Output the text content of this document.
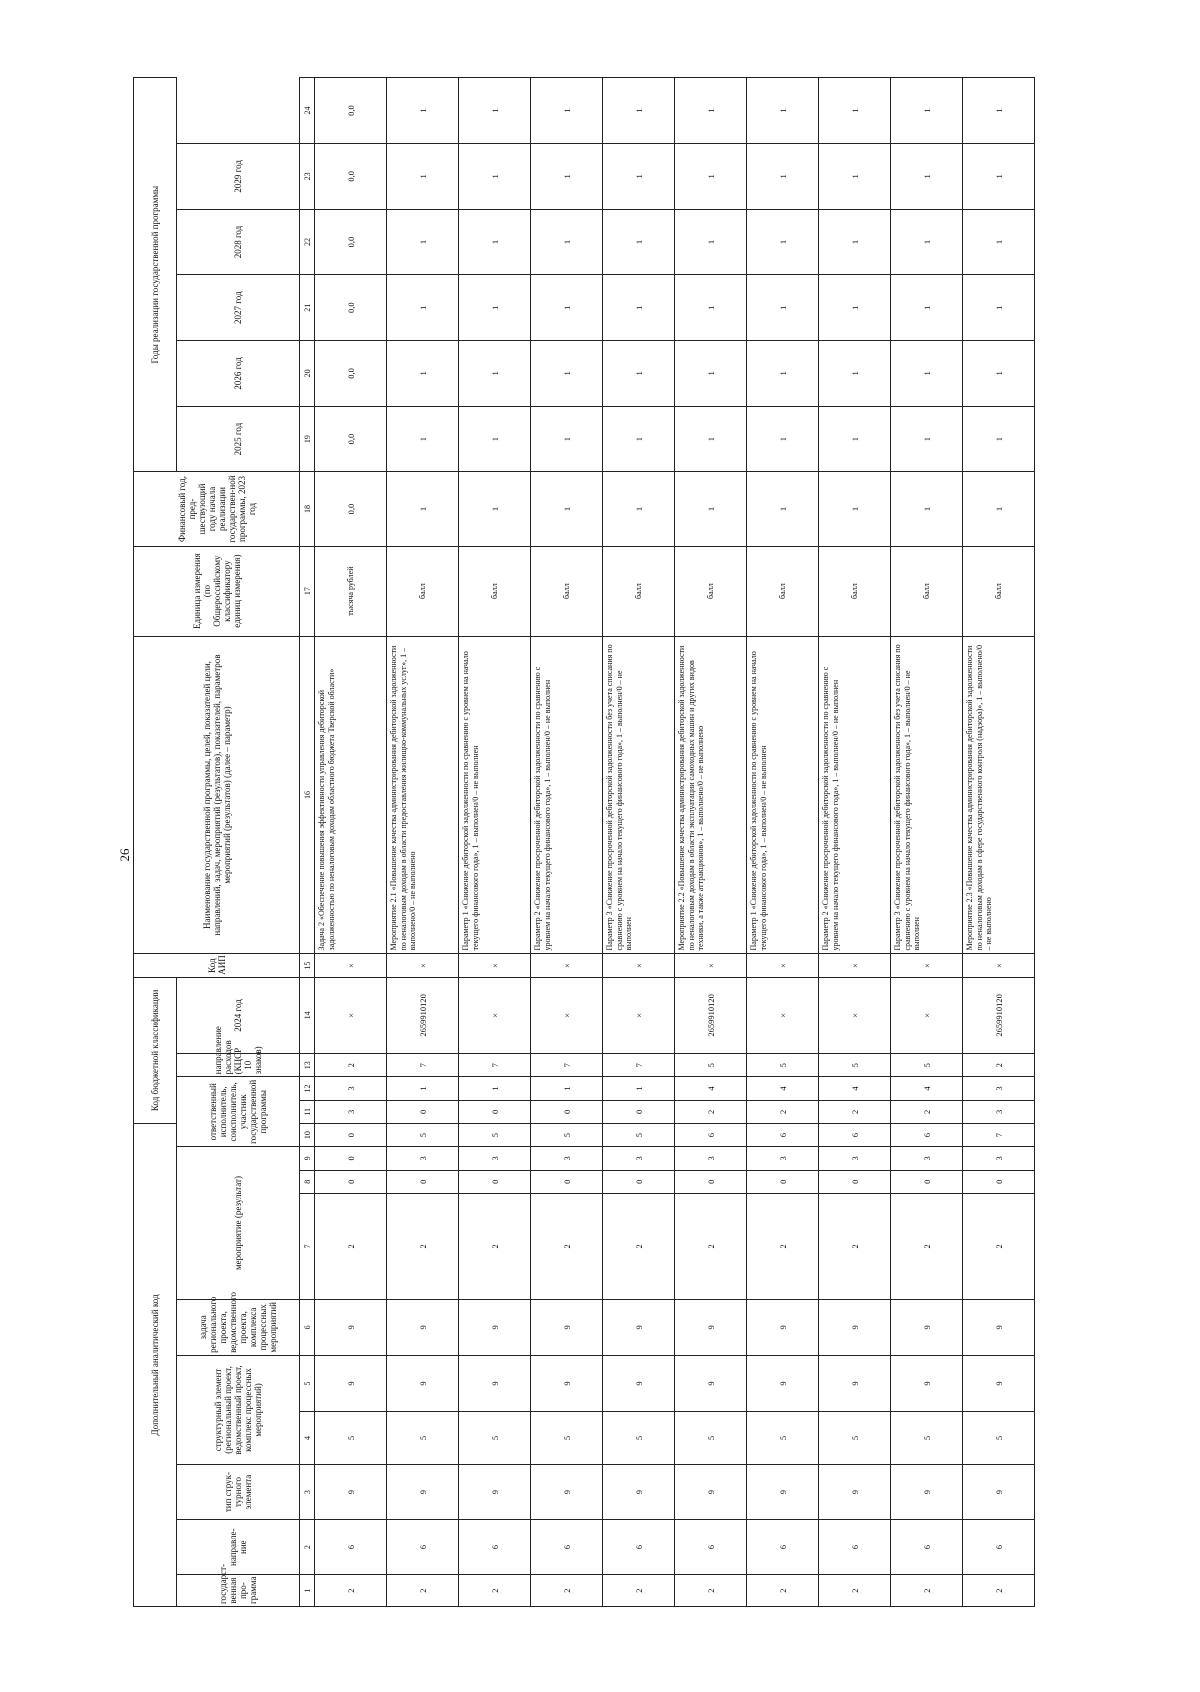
26
Дополнительный аналитический код										Код бюджетной классификации				Код АИП	Наименование государственной программы, целей, показателей цели, направлений, задач, мероприятий (результатов), показателей, параметров мероприятий (результатов) (далее – параметр)	Единица измерения (по Общероссийскому классификатору единиц измерения)	Финансовый год, пред-шествующий году начала реализации государствен-ной программы, 2023 год	Годы реализации государственной программы					
государст-венная про-грамма	направле-ние	тип струк-турного элемента	структурный элемент (региональный проект, ведомственный проект, комплекс процессных мероприятий)		задача регионального проекта, ведомственного проекта, комплекса процессных мероприятий	мероприятие (результат)			ответственный исполнитель, соисполнитель, участник государственной программы			направление расходов (КЦСР 10 знаков)	2024 год					2025 год	2026 год	2027 год	2028 год	2029 год	

1	2	3	4	5	6	7	8	9	10	11	12	13	14	15	16	17	18	19	20	21	22	23	24
2	6	9	5	9	9	2	0	0	0	3	3	2	×	×	Задача 2 «Обеспечение повышения эффективности управления дебиторской задолженностью по неналоговым доходам областного бюджета Тверской области»	тысяча рублей	0,0	0,0	0,0	0,0	0,0	0,0	0,0
2	6	9	5	9	9	2	0	3	5	0	1	7	2659910120	×	Мероприятие 2.1 «Повышение качества администрирования дебиторской задолженности по неналоговым доходам в области предоставления жилищно-коммунальных услуг», 1 – выполнено/0 – не выполнено	балл	1	1	1	1	1	1	1
2	6	9	5	9	9	2	0	3	5	0	1	7	×	×	Параметр 1 «Снижение дебиторской задолженности по сравнению с уровнем на начало текущего финансового года», 1 – выполнен/0 – не выполнен	балл	1	1	1	1	1	1	1
2	6	9	5	9	9	2	0	3	5	0	1	7	×	×	Параметр 2 «Снижение просроченной дебиторской задолженности по сравнению с уровнем на начало текущего финансового года», 1 – выполнен/0 – не выполнен	балл	1	1	1	1	1	1	1
2	6	9	5	9	9	2	0	3	5	0	1	7	×	×	Параметр 3 «Снижение просроченной дебиторской задолженности без учета списания по сравнению с уровнем на начало текущего финансового года», 1 – выполнен/0 – не выполнен	балл	1	1	1	1	1	1	1
2	6	9	5	9	9	2	0	3	6	2	4	5	2659910120	×	Мероприятие 2.2 «Повышение качества администрирования дебиторской задолженности по неналоговым доходам в области эксплуатации самоходных машин и других видов техники, а также аттракционов», 1 – выполнено/0 – не выполнено	балл	1	1	1	1	1	1	1
2	6	9	5	9	9	2	0	3	6	2	4	5	×	×	Параметр 1 «Снижение дебиторской задолженности по сравнению с уровнем на начало текущего финансового года», 1 – выполнен/0 – не выполнен	балл	1	1	1	1	1	1	1
2	6	9	5	9	9	2	0	3	6	2	4	5	×	×	Параметр 2 «Снижение просроченной дебиторской задолженности по сравнению с уровнем на начало текущего финансового года», 1 – выполнен/0 – не выполнен	балл	1	1	1	1	1	1	1
2	6	9	5	9	9	2	0	3	6	2	4	5	×	×	Параметр 3 «Снижение просроченной дебиторской задолженности без учета списания по сравнению с уровнем на начало текущего финансового года», 1 – выполнен/0 – не выполнен	балл	1	1	1	1	1	1	1
2	6	9	5	9	9	2	0	3	7	3	3	2	2659910120	×	Мероприятие 2.3 «Повышение качества администрирования дебиторской задолженности по неналоговым доходам в сфере государственного контроля (надзора)», 1 – выполнено/0 – не выполнено	балл	1	1	1	1	1	1	1
